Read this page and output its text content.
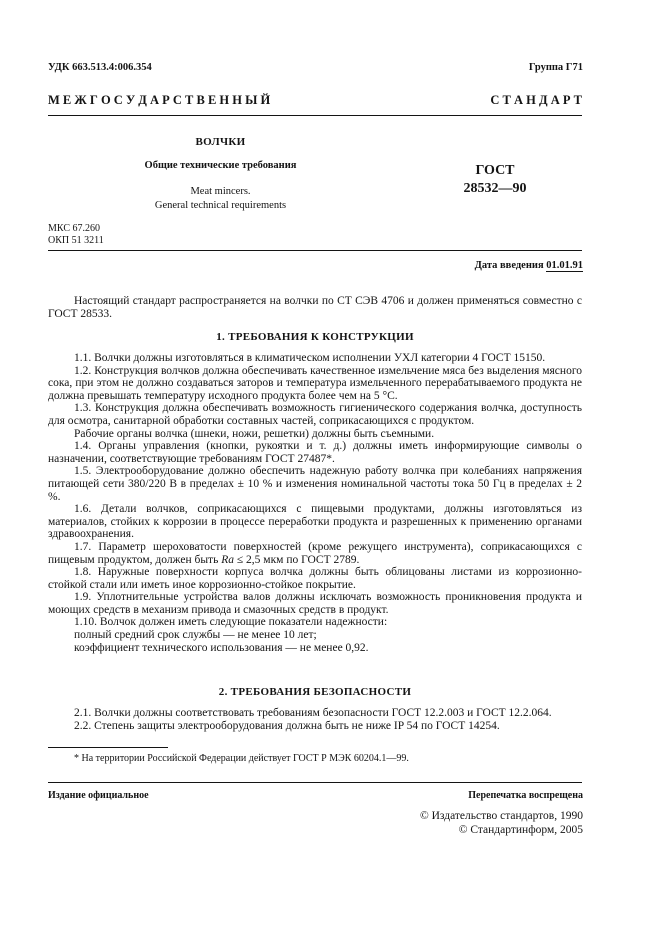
УДК 663.513.4:006.354	Группа Г71
М Е Ж Г О С У Д А Р С Т В Е Н Н Ы Й	С Т А Н Д А Р Т
ВОЛЧКИ
Общие технические требования
Meat mincers.
General technical requirements
ГОСТ
28532—90
МКС 67.260
ОКП 51 3211
Дата введения 01.01.91

Настоящий стандарт распространяется на волчки по СТ СЭВ 4706 и должен применяться совместно с ГОСТ 28533.

1. ТРЕБОВАНИЯ К КОНСТРУКЦИИ

1.1. Волчки должны изготовляться в климатическом исполнении УХЛ категории 4 ГОСТ 15150.

1.2. Конструкция волчков должна обеспечивать качественное измельчение мяса без выделения мясного сока, при этом не должно создаваться заторов и температура измельченного перерабатываемого продукта не должна превышать температуру исходного продукта более чем на 5 °С.

1.3. Конструкция должна обеспечивать возможность гигиенического содержания волчка, доступность для осмотра, санитарной обработки составных частей, соприкасающихся с продуктом.

Рабочие органы волчка (шнеки, ножи, решетки) должны быть съемными.

1.4. Органы управления (кнопки, рукоятки и т. д.) должны иметь информирующие символы о назначении, соответствующие требованиям ГОСТ 27487*.

1.5. Электрооборудование должно обеспечить надежную работу волчка при колебаниях напряжения питающей сети 380/220 В в пределах ± 10 % и изменения номинальной частоты тока 50 Гц в пределах ± 2 %.

1.6. Детали волчков, соприкасающихся с пищевыми продуктами, должны изготовляться из материалов, стойких к коррозии в процессе переработки продукта и разрешенных к применению органами здравоохранения.

1.7. Параметр шероховатости поверхностей (кроме режущего инструмента), соприкасающихся с пищевым продуктом, должен быть Ra ≤ 2,5 мкм по ГОСТ 2789.

1.8. Наружные поверхности корпуса волчка должны быть облицованы листами из коррозионно-стойкой стали или иметь иное коррозионно-стойкое покрытие.

1.9. Уплотнительные устройства валов должны исключать возможность проникновения продукта и моющих средств в механизм привода и смазочных средств в продукт.

1.10. Волчок должен иметь следующие показатели надежности:

полный средний срок службы — не менее 10 лет;

коэффициент технического использования — не менее 0,92.

2. ТРЕБОВАНИЯ БЕЗОПАСНОСТИ

2.1. Волчки должны соответствовать требованиям безопасности ГОСТ 12.2.003 и ГОСТ 12.2.064.

2.2. Степень защиты электрооборудования должна быть не ниже IP 54 по ГОСТ 14254.

* На территории Российской Федерации действует ГОСТ Р МЭК 60204.1—99.
Издание официальное	Перепечатка воспрещена
© Издательство стандартов, 1990
© Стандартинформ, 2005
